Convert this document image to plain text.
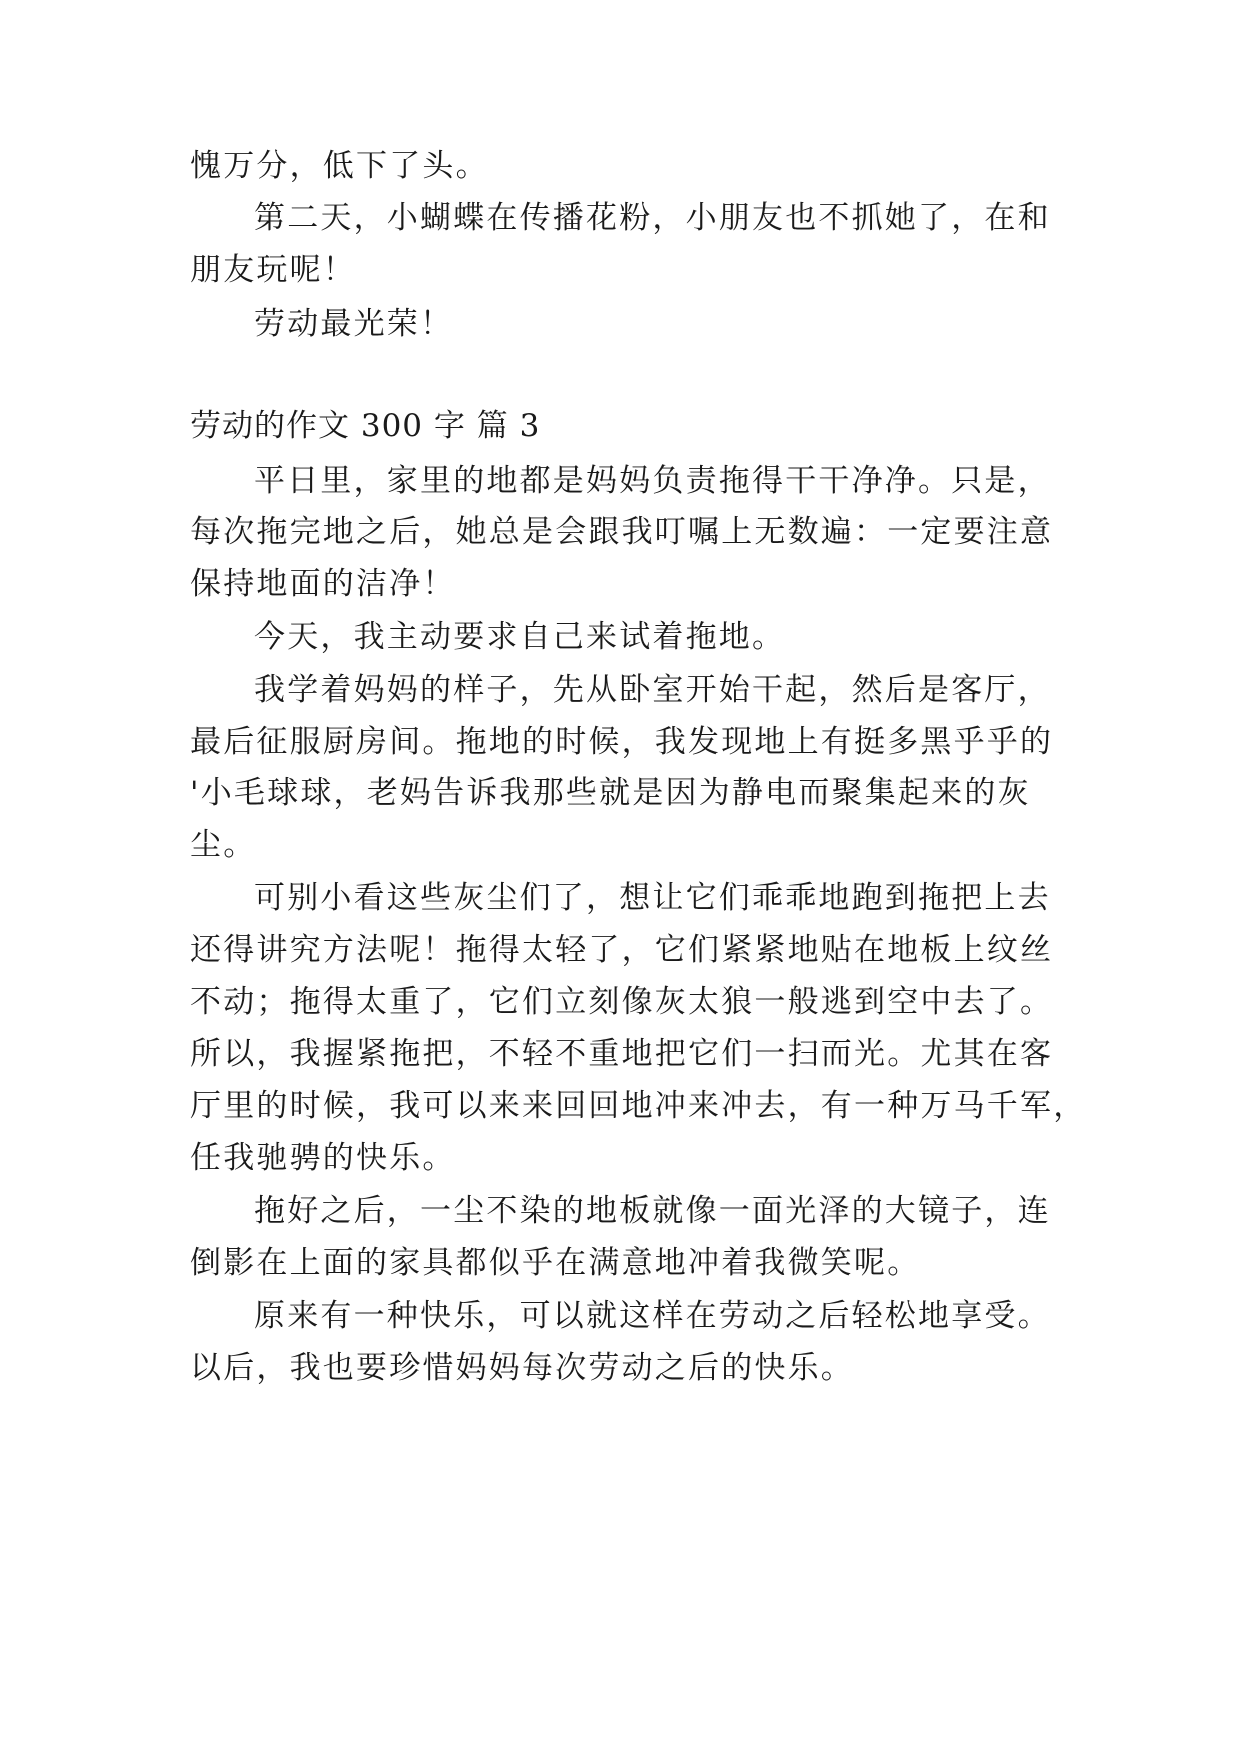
愧万分，低下了头。
第二天，小蝴蝶在传播花粉，小朋友也不抓她了，在和
朋友玩呢！
劳动最光荣！
劳动的作文 300 字 篇 3
平日里，家里的地都是妈妈负责拖得干干净净。只是，
每次拖完地之后，她总是会跟我叮嘱上无数遍：一定要注意
保持地面的洁净！
今天，我主动要求自己来试着拖地。
我学着妈妈的样子，先从卧室开始干起，然后是客厅，
最后征服厨房间。拖地的时候，我发现地上有挺多黑乎乎的
'小毛球球，老妈告诉我那些就是因为静电而聚集起来的灰
尘。
可别小看这些灰尘们了，想让它们乖乖地跑到拖把上去
还得讲究方法呢！拖得太轻了，它们紧紧地贴在地板上纹丝
不动；拖得太重了，它们立刻像灰太狼一般逃到空中去了。
所以，我握紧拖把，不轻不重地把它们一扫而光。尤其在客
厅里的时候，我可以来来回回地冲来冲去，有一种万马千军，
任我驰骋的快乐。
拖好之后，一尘不染的地板就像一面光泽的大镜子，连
倒影在上面的家具都似乎在满意地冲着我微笑呢。
原来有一种快乐，可以就这样在劳动之后轻松地享受。
以后，我也要珍惜妈妈每次劳动之后的快乐。
